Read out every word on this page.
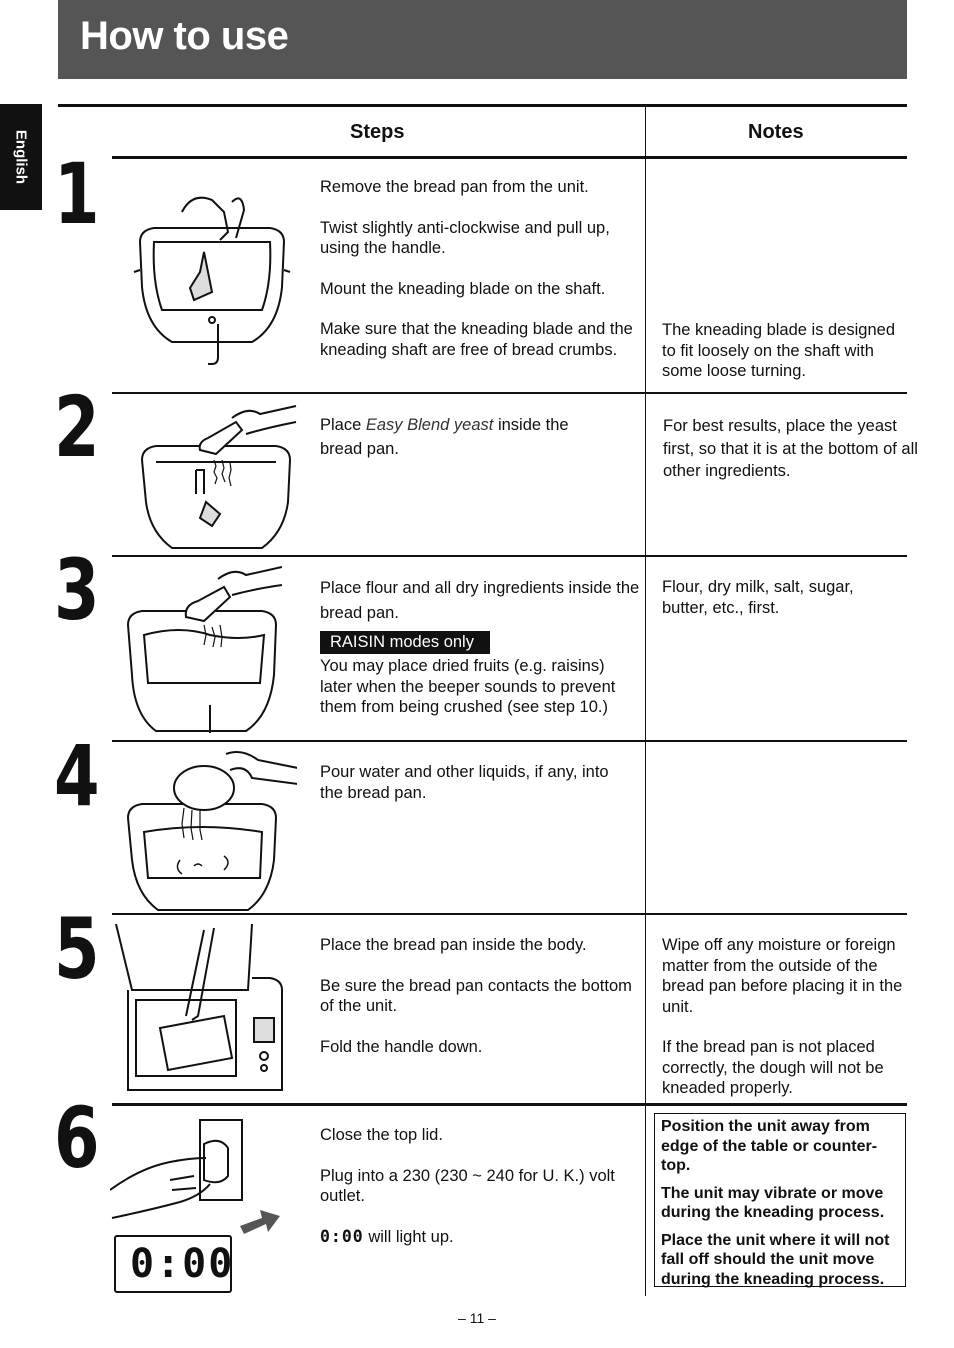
How to use
English	Steps	Notes
1
2
3
4
5
6

Remove the bread pan from the unit.

Twist slightly anti-clockwise and pull up, using the handle.

Mount the kneading blade on the shaft.

Make sure that the kneading blade and the kneading shaft are free of bread crumbs.

The kneading blade is designed to fit loosely on the shaft with some loose turning.
Place Easy Blend yeast inside the bread pan.
For best results, place the yeast first, so that it is at the bottom of all other ingredients.
Place flour and all dry ingredients inside the bread pan.
RAISIN modes only
You may place dried fruits (e.g. raisins) later when the beeper sounds to prevent them from being crushed (see step 10.)
Flour, dry milk, salt, sugar, butter, etc., first.
Pour water and other liquids, if any, into the bread pan.

Place the bread pan inside the body.

Be sure the bread pan contacts the bottom of the unit.

Fold the handle down.

Wipe off any moisture or foreign matter from the outside of the bread pan before placing it in the unit.

If the bread pan is not placed correctly, the dough will not be kneaded properly.

0:00

Close the top lid.

Plug into a 230 (230 ~ 240 for U. K.) volt outlet.

0:00 will light up.

Position the unit away from edge of the table or counter-top.

The unit may vibrate or move during the kneading process.

Place the unit where it will not fall off should the unit move during the kneading process.

– 11 –
